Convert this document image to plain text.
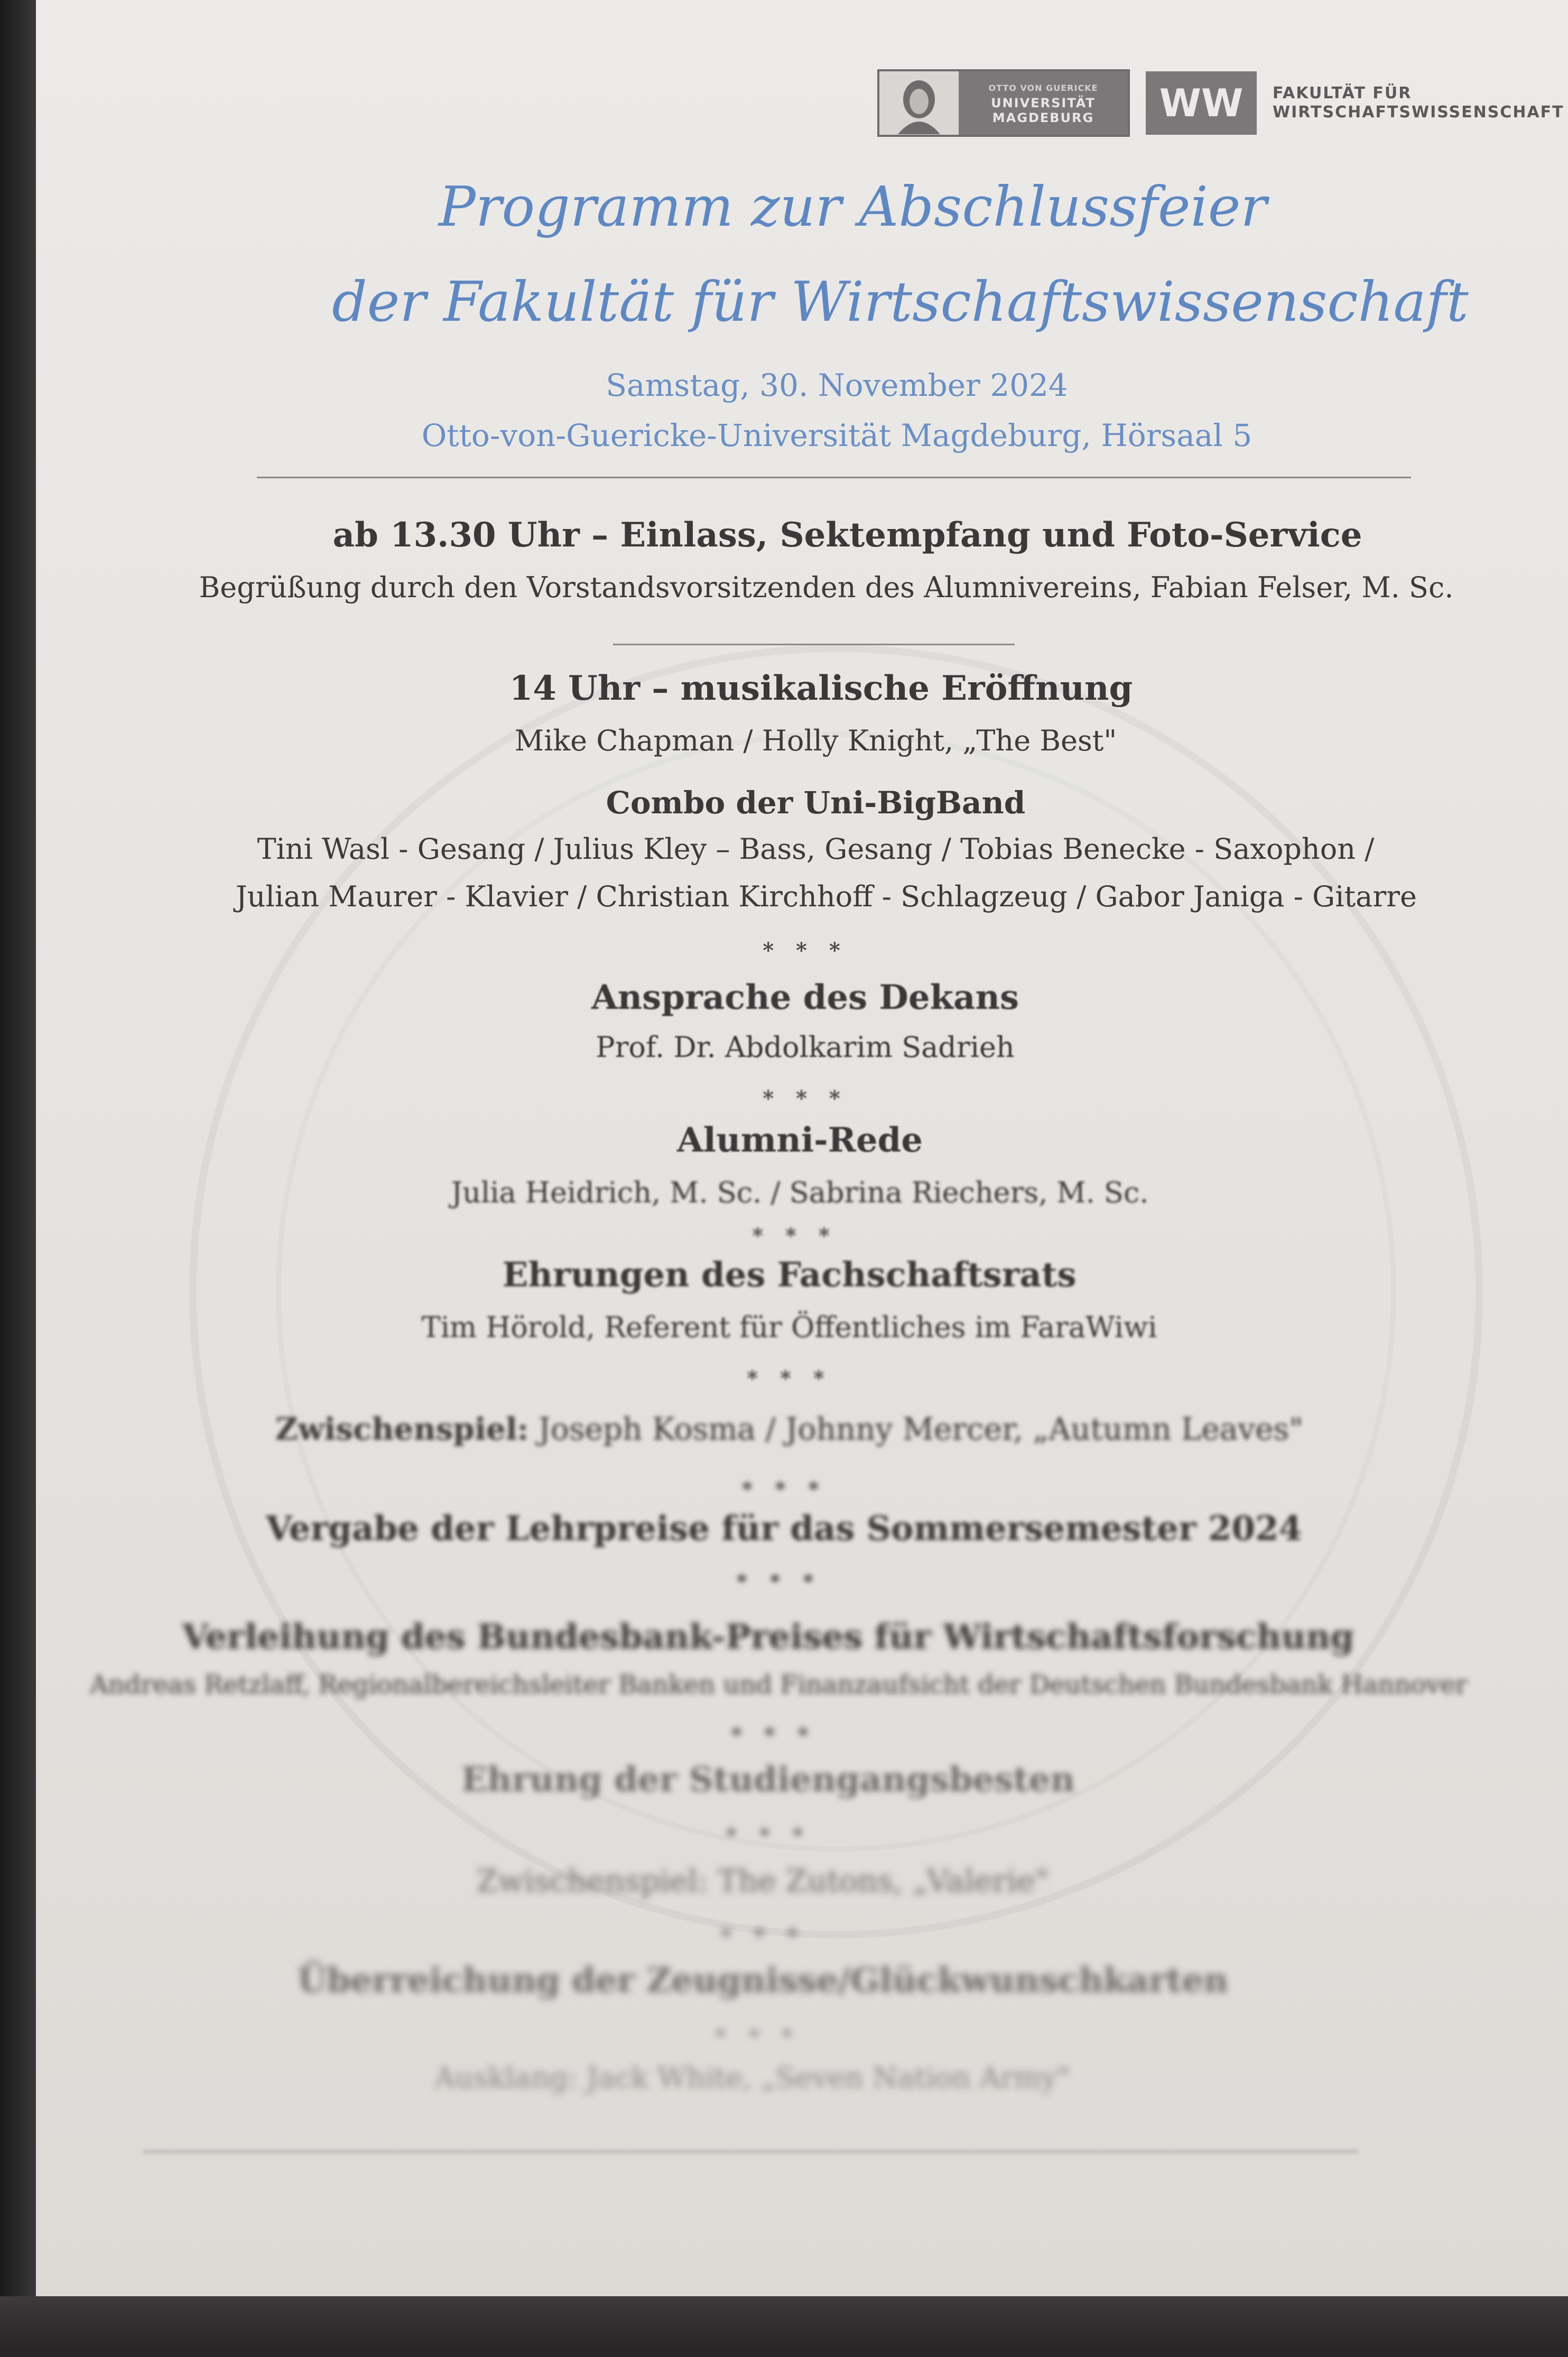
OTTO VON GUERICKE
UNIVERSITÄT
MAGDEBURG	WW	FAKULTÄT FÜR
WIRTSCHAFTSWISSENSCHAFT
Programm zur Abschlussfeier
der Fakultät für Wirtschaftswissenschaft
Samstag, 30. November 2024
Otto-von-Guericke-Universität Magdeburg, Hörsaal 5
ab 13.30 Uhr – Einlass, Sektempfang und Foto-Service
Begrüßung durch den Vorstandsvorsitzenden des Alumnivereins, Fabian Felser, M. Sc.
14 Uhr – musikalische Eröffnung
Mike Chapman / Holly Knight, „The Best"
Combo der Uni-BigBand
Tini Wasl - Gesang / Julius Kley – Bass, Gesang / Tobias Benecke - Saxophon /
Julian Maurer - Klavier / Christian Kirchhoff - Schlagzeug / Gabor Janiga - Gitarre
* * *
Ansprache des Dekans
Prof. Dr. Abdolkarim Sadrieh
* * *
Alumni-Rede
Julia Heidrich, M. Sc. / Sabrina Riechers, M. Sc.
* * *
Ehrungen des Fachschaftsrats
Tim Hörold, Referent für Öffentliches im FaraWiwi
* * *
Zwischenspiel: Joseph Kosma / Johnny Mercer, „Autumn Leaves"
* * *
Vergabe der Lehrpreise für das Sommersemester 2024
* * *
Verleihung des Bundesbank-Preises für Wirtschaftsforschung
Andreas Retzlaff, Regionalbereichsleiter Banken und Finanzaufsicht der Deutschen Bundesbank Hannover
* * *
Ehrung der Studiengangsbesten
* * *
Zwischenspiel: The Zutons, „Valerie"
* * *
Überreichung der Zeugnisse/Glückwunschkarten
* * *
Ausklang: Jack White, „Seven Nation Army"
